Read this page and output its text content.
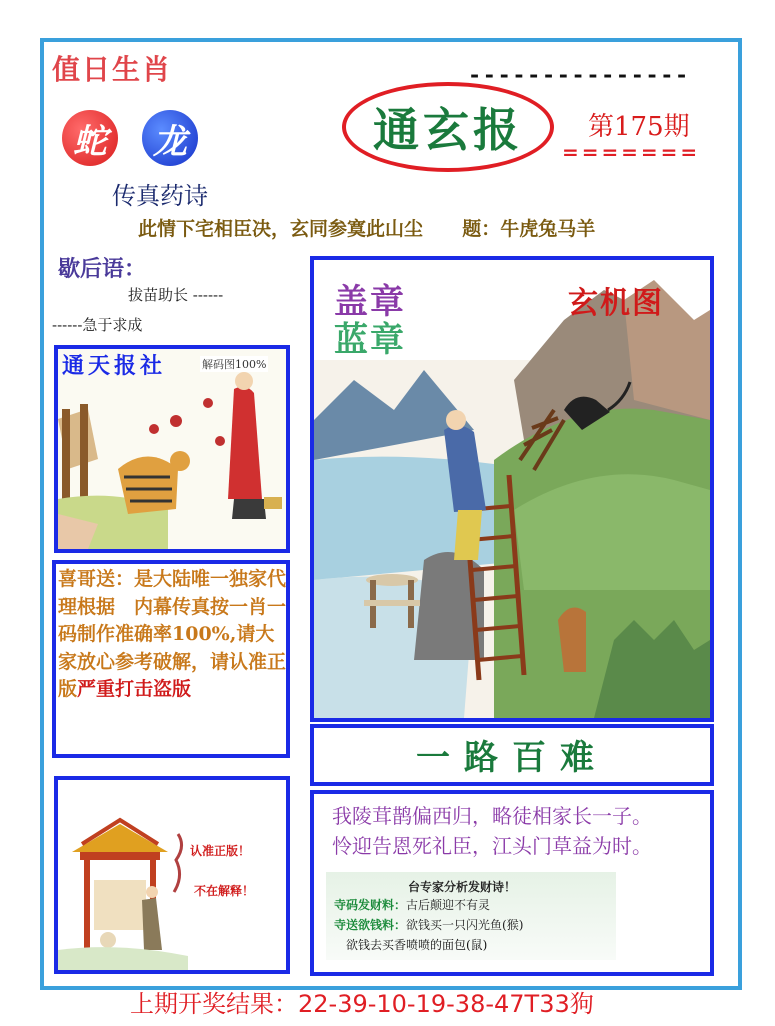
值日生肖	- - - - - - - - - - - - - - -
蛇	龙
传真药诗
通玄报	第175期
= = = = = = =
此情下宅相臣决，玄同参寞此山尘 题：牛虎兔马羊
歇后语：
拔苗助长 ------
------急于求成
通天报社	解码图100%
喜哥送：是大陆唯一独家代理根据　内幕传真按一肖一码制作准确率100%,请大家放心参考破解，请认准正版严重打击盗版
认准正版！
不在解释！
盖章
蓝章
玄机图
一路百难
我陵茸鹊偏西归，略徒相家长一子。
怜迎告恩死礼臣，江头门草益为时。
台专家分析发财诗！
寺码发财料：古后颠迎不有灵
寺送欲钱料：欲钱买一只闪光鱼(猴)
欲钱去买香喷喷的面包(鼠)
上期开奖结果：22-39-10-19-38-47T33狗
